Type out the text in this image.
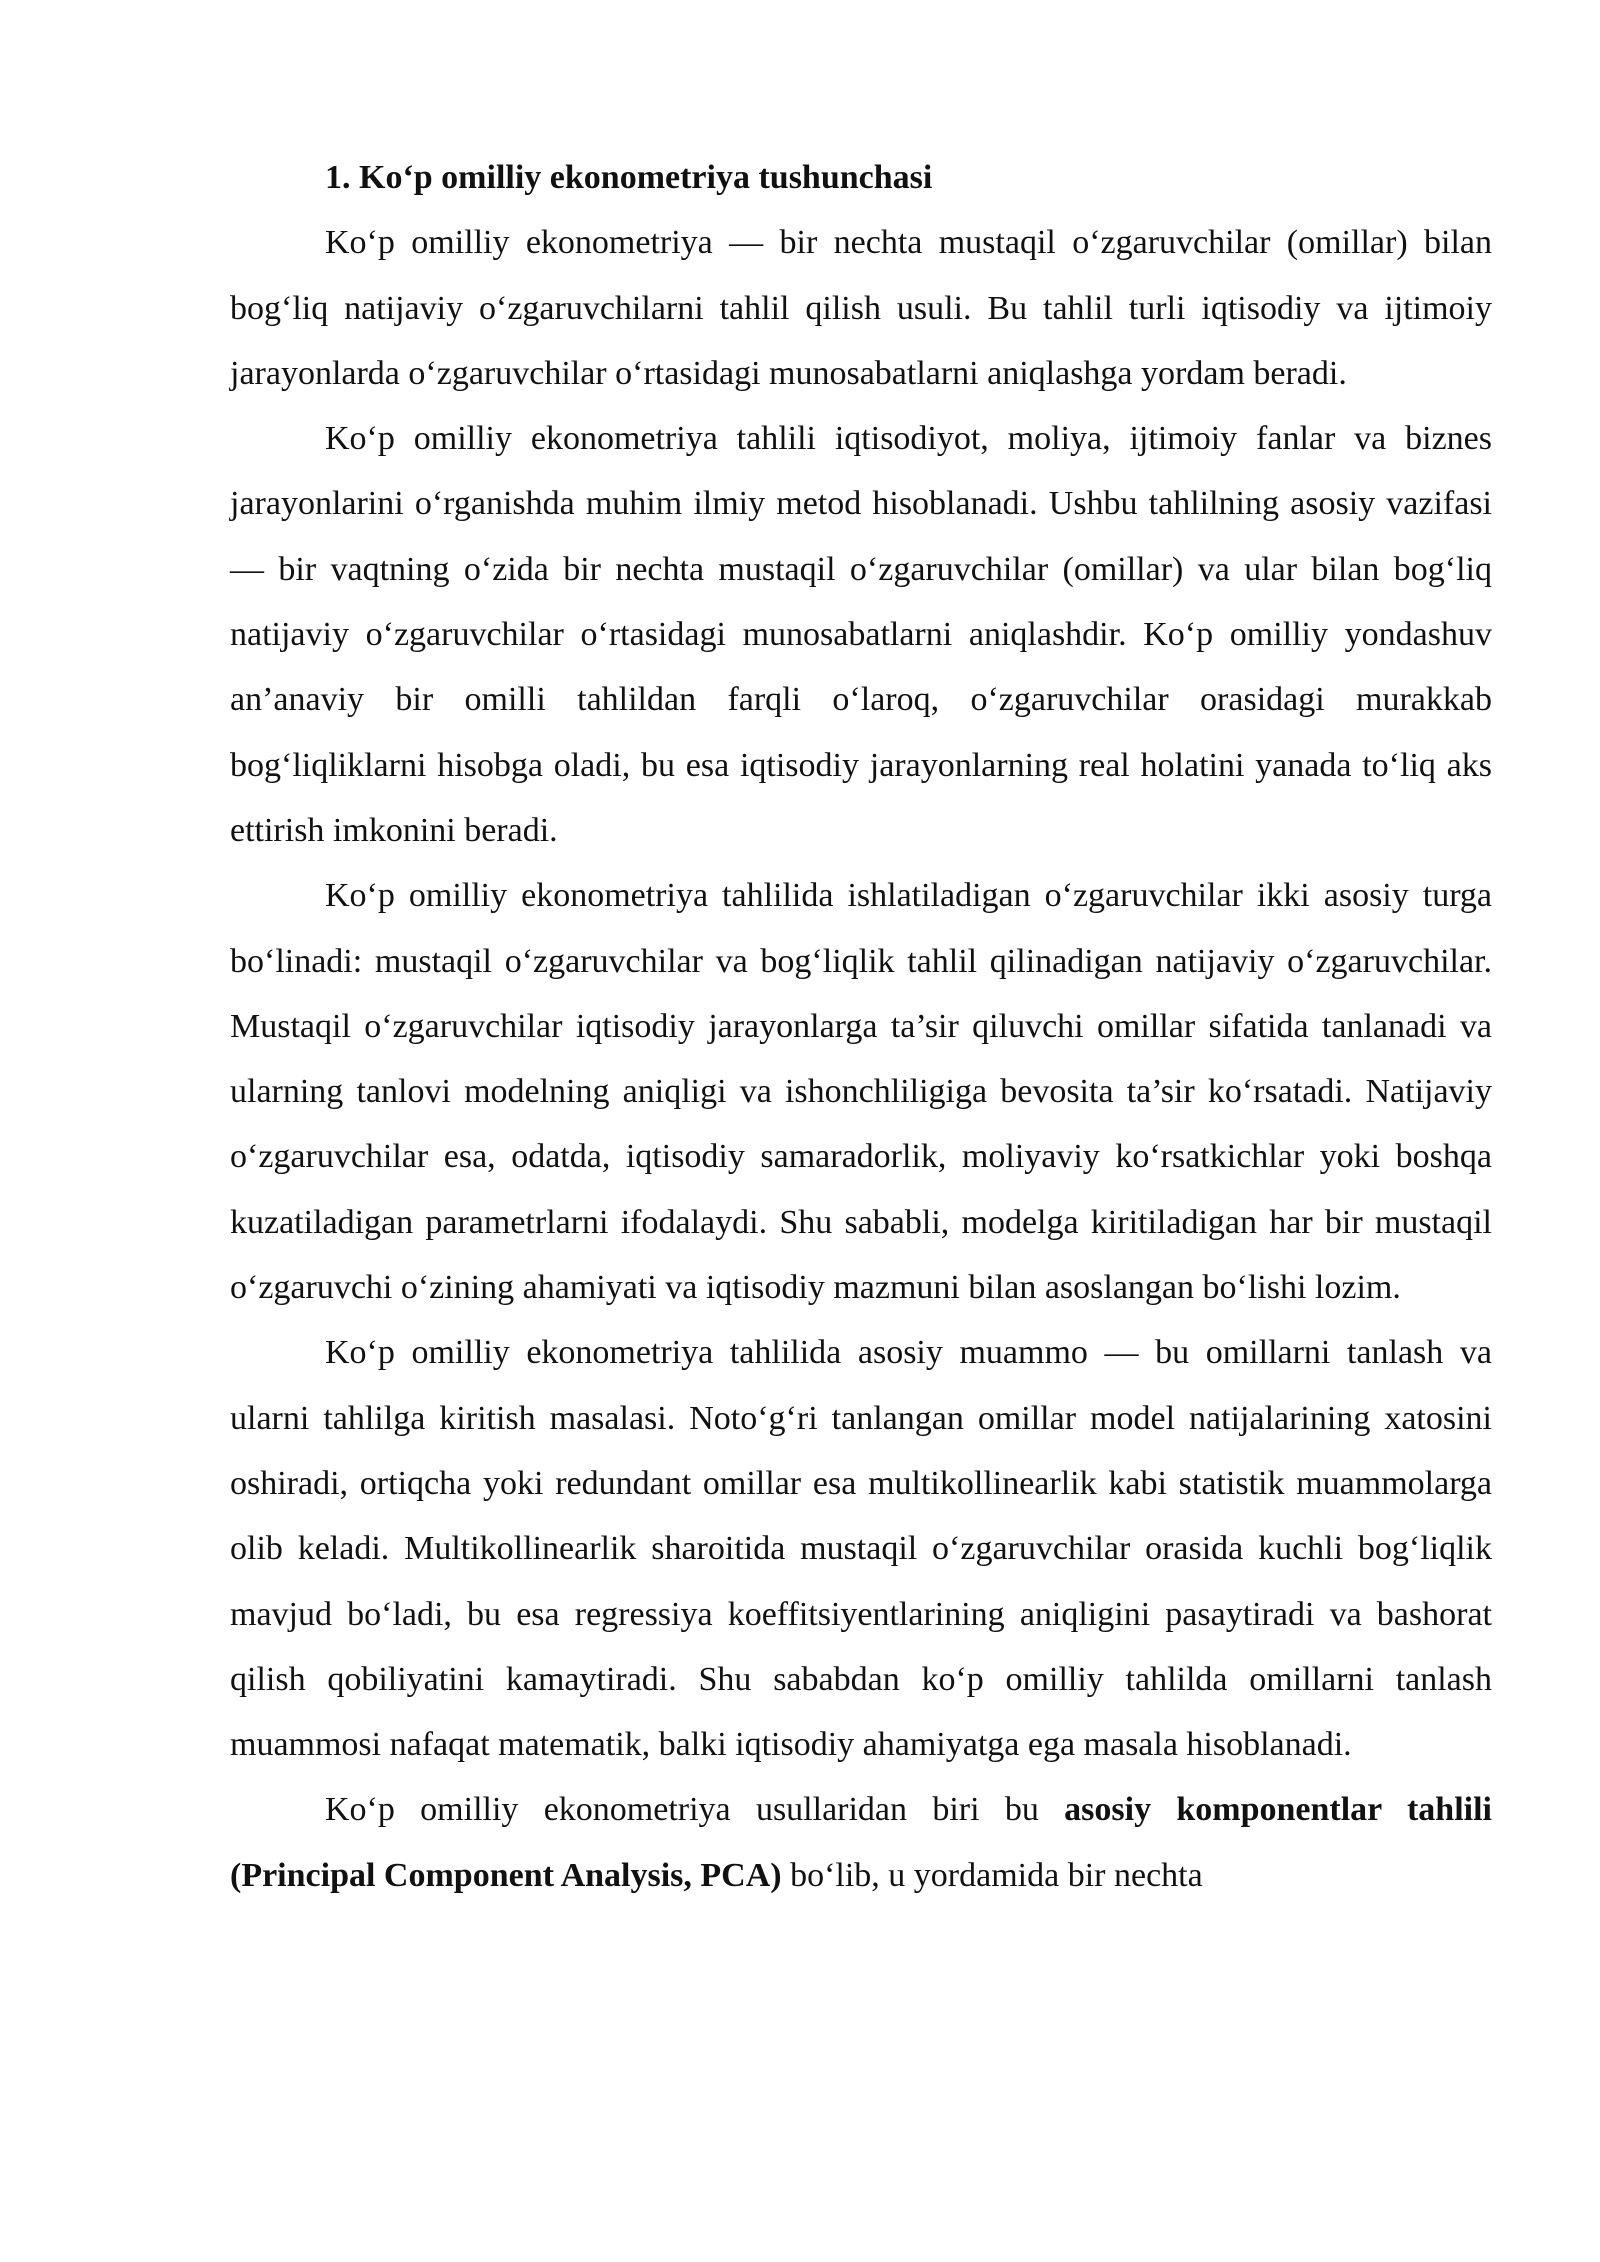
1. Ko‘p omilliy ekonometriya tushunchasi

Ko‘p omilliy ekonometriya — bir nechta mustaqil o‘zgaruvchilar (omillar) bilan bog‘liq natijaviy o‘zgaruvchilarni tahlil qilish usuli. Bu tahlil turli iqtisodiy va ijtimoiy jarayonlarda o‘zgaruvchilar o‘rtasidagi munosabatlarni aniqlashga yordam beradi.

Ko‘p omilliy ekonometriya tahlili iqtisodiyot, moliya, ijtimoiy fanlar va biznes jarayonlarini o‘rganishda muhim ilmiy metod hisoblanadi. Ushbu tahlilning asosiy vazifasi — bir vaqtning o‘zida bir nechta mustaqil o‘zgaruvchilar (omillar) va ular bilan bog‘liq natijaviy o‘zgaruvchilar o‘rtasidagi munosabatlarni aniqlashdir. Ko‘p omilliy yondashuv an’anaviy bir omilli tahlildan farqli o‘laroq, o‘zgaruvchilar orasidagi murakkab bog‘liqliklarni hisobga oladi, bu esa iqtisodiy jarayonlarning real holatini yanada to‘liq aks ettirish imkonini beradi.

Ko‘p omilliy ekonometriya tahlilida ishlatiladigan o‘zgaruvchilar ikki asosiy turga bo‘linadi: mustaqil o‘zgaruvchilar va bog‘liqlik tahlil qilinadigan natijaviy o‘zgaruvchilar. Mustaqil o‘zgaruvchilar iqtisodiy jarayonlarga ta’sir qiluvchi omillar sifatida tanlanadi va ularning tanlovi modelning aniqligi va ishonchliligiga bevosita ta’sir ko‘rsatadi. Natijaviy o‘zgaruvchilar esa, odatda, iqtisodiy samaradorlik, moliyaviy ko‘rsatkichlar yoki boshqa kuzatiladigan parametrlarni ifodalaydi. Shu sababli, modelga kiritiladigan har bir mustaqil o‘zgaruvchi o‘zining ahamiyati va iqtisodiy mazmuni bilan asoslangan bo‘lishi lozim.

Ko‘p omilliy ekonometriya tahlilida asosiy muammo — bu omillarni tanlash va ularni tahlilga kiritish masalasi. Noto‘g‘ri tanlangan omillar model natijalarining xatosini oshiradi, ortiqcha yoki redundant omillar esa multikollinearlik kabi statistik muammolarga olib keladi. Multikollinearlik sharoitida mustaqil o‘zgaruvchilar orasida kuchli bog‘liqlik mavjud bo‘ladi, bu esa regressiya koeffitsiyentlarining aniqligini pasaytiradi va bashorat qilish qobiliyatini kamaytiradi. Shu sababdan ko‘p omilliy tahlilda omillarni tanlash muammosi nafaqat matematik, balki iqtisodiy ahamiyatga ega masala hisoblanadi.

Ko‘p omilliy ekonometriya usullaridan biri bu asosiy komponentlar tahlili (Principal Component Analysis, PCA) bo‘lib, u yordamida bir nechta
